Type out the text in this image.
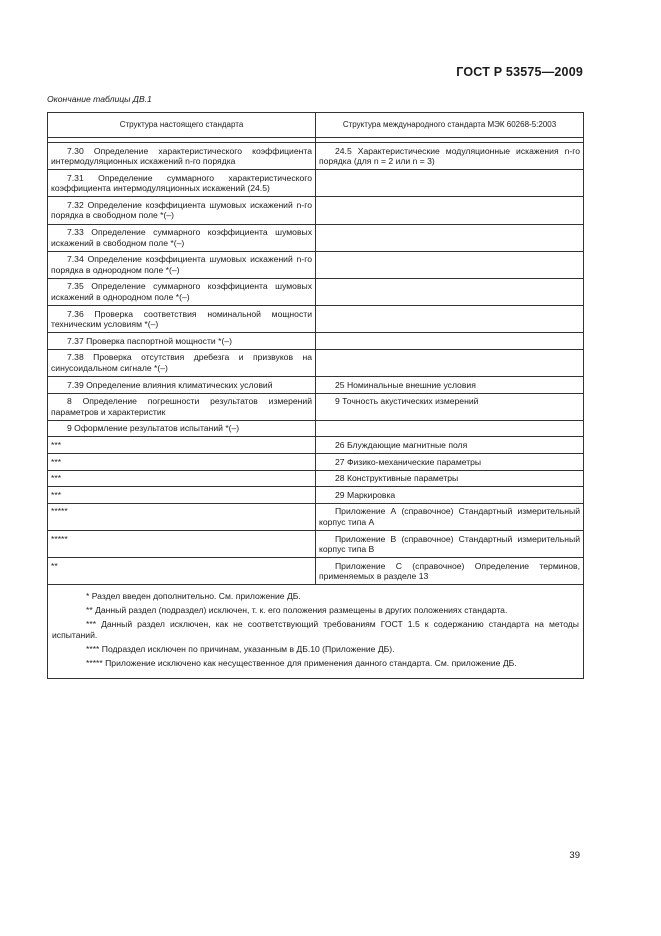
ГОСТ Р 53575—2009
Окончание таблицы ДВ.1
Структура настоящего стандарта	Структура международного стандарта МЭК 60268-5:2003

7.30 Определение характеристического коэффициента интермодуляционных искажений n-го порядка	24.5 Характеристические модуляционные искажения n-го порядка (для n = 2 или n = 3)

7.31 Определение суммарного характеристического коэффициента интермодуляционных искажений (24.5)	

7.32 Определение коэффициента шумовых искажений n-го порядка в свободном поле *(–)	

7.33 Определение суммарного коэффициента шумовых искажений в свободном поле *(–)	

7.34 Определение коэффициента шумовых искажений n-го порядка в однородном поле *(–)	

7.35 Определение суммарного коэффициента шумовых искажений в однородном поле *(–)	

7.36 Проверка соответствия номинальной мощности техническим условиям *(–)	

7.37 Проверка паспортной мощности *(–)	

7.38 Проверка отсутствия дребезга и призвуков на синусоидальном сигнале *(–)	

7.39 Определение влияния климатических условий	25 Номинальные внешние условия

8 Определение погрешности результатов измерений параметров и характеристик	9 Точность акустических измерений

9 Оформление результатов испытаний *(–)	

***	26 Блуждающие магнитные поля

***	27 Физико-механические параметры

***	28 Конструктивные параметры

***	29 Маркировка

*****	Приложение А (справочное) Стандартный измерительный корпус типа А

*****	Приложение В (справочное) Стандартный измерительный корпус типа В

**	Приложение С (справочное) Определение терминов, применяемых в разделе 13

* Раздел введен дополнительно. См. приложение ДБ.
** Данный раздел (подраздел) исключен, т. к. его положения размещены в других положениях стандарта.
*** Данный раздел исключен, как не соответствующий требованиям ГОСТ 1.5 к содержанию стандарта на методы испытаний.
**** Подраздел исключен по причинам, указанным в ДБ.10 (Приложение ДБ).
***** Приложение исключено как несущественное для применения данного стандарта. См. приложение ДБ.	
39
